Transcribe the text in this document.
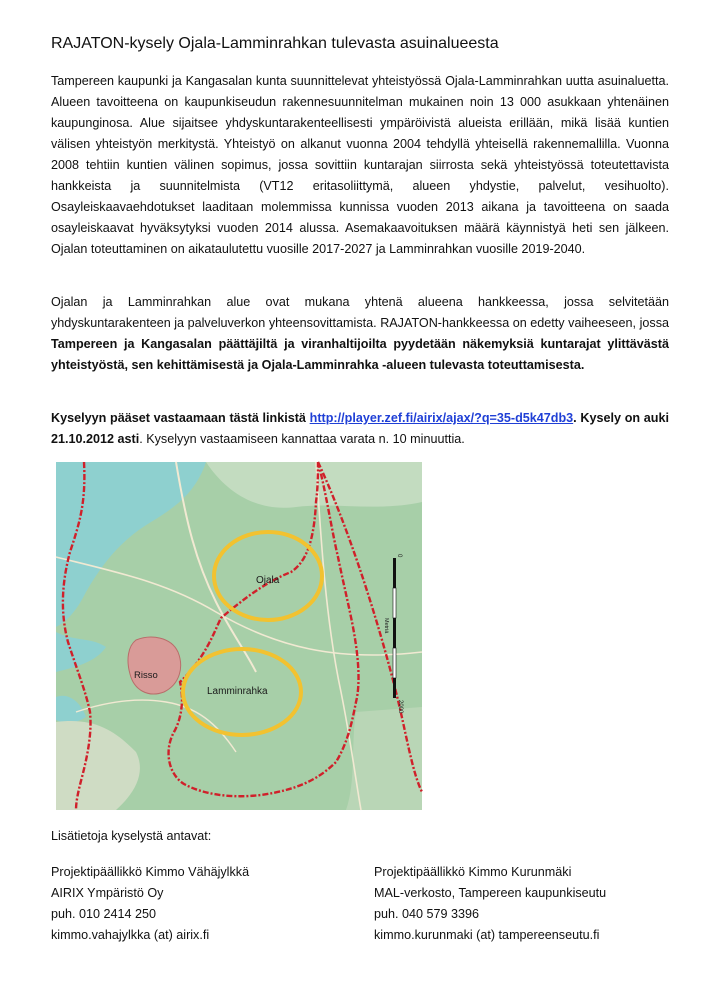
RAJATON-kysely Ojala-Lamminrahkan tulevasta asuinalueesta

Tampereen kaupunki ja Kangasalan kunta suunnittelevat yhteistyössä Ojala-Lamminrahkan uutta asuinaluetta. Alueen tavoitteena on kaupunkiseudun rakennesuunnitelman mukainen noin 13 000 asukkaan yhtenäinen kaupunginosa. Alue sijaitsee yhdyskuntarakenteellisesti ympäröivistä alueista erillään, mikä lisää kuntien välisen yhteistyön merkitystä. Yhteistyö on alkanut vuonna 2004 tehdyllä yhteisellä rakennemallilla. Vuonna 2008 tehtiin kuntien välinen sopimus, jossa sovittiin kuntarajan siirrosta sekä yhteistyössä toteutettavista hankkeista ja suunnitelmista (VT12 eritasoliittymä, alueen yhdystie, palvelut, vesihuolto). Osayleiskaavaehdotukset laaditaan molemmissa kunnissa vuoden 2013 aikana ja tavoitteena on saada osayleiskaavat hyväksytyksi vuoden 2014 alussa. Asemakaavoituksen määrä käynnistyä heti sen jälkeen. Ojalan toteuttaminen on aikataulutettu vuosille 2017-2027 ja Lamminrahkan vuosille 2019-2040.

Ojalan ja Lamminrahkan alue ovat mukana yhtenä alueena hankkeessa, jossa selvitetään yhdyskuntarakenteen ja palveluverkon yhteensovittamista. RAJATON-hankkeessa on edetty vaiheeseen, jossa Tampereen ja Kangasalan päättäjiltä ja viranhaltijoilta pyydetään näkemyksiä kuntarajat ylittävästä yhteistyöstä, sen kehittämisestä ja Ojala-Lamminrahka -alueen tulevasta toteuttamisesta.

Kyselyyn pääset vastaamaan tästä linkistä http://player.zef.fi/airix/ajax/?q=35-d5k47db3. Kysely on auki 21.10.2012 asti. Kyselyyn vastaamiseen kannattaa varata n. 10 minuuttia.

Ojala
Lamminrahka
Risso
0
Metriä
2000
Lisätietoja kyselystä antavat:
Projektipäällikkö Kimmo Vähäjylkkä
AIRIX Ympäristö Oy
puh. 010 2414 250
kimmo.vahajylkka (at) airix.fi
Projektipäällikkö Kimmo Kurunmäki
MAL-verkosto, Tampereen kaupunkiseutu
puh. 040 579 3396
kimmo.kurunmaki (at) tampereenseutu.fi
